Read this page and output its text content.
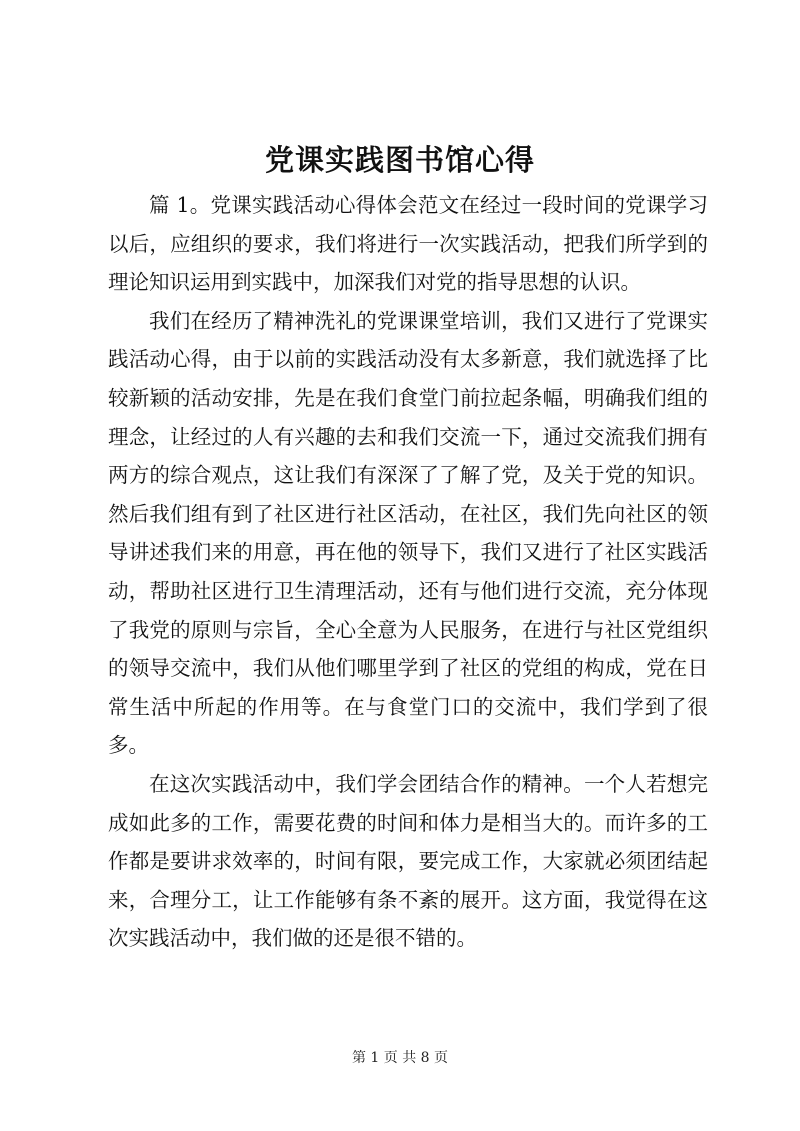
党课实践图书馆心得

篇 1。党课实践活动心得体会范文在经过一段时间的党课学习以后，应组织的要求，我们将进行一次实践活动，把我们所学到的理论知识运用到实践中，加深我们对党的指导思想的认识。

我们在经历了精神洗礼的党课课堂培训，我们又进行了党课实践活动心得，由于以前的实践活动没有太多新意，我们就选择了比较新颖的活动安排，先是在我们食堂门前拉起条幅，明确我们组的理念，让经过的人有兴趣的去和我们交流一下，通过交流我们拥有两方的综合观点，这让我们有深深了了解了党，及关于党的知识。然后我们组有到了社区进行社区活动，在社区，我们先向社区的领导讲述我们来的用意，再在他的领导下，我们又进行了社区实践活动，帮助社区进行卫生清理活动，还有与他们进行交流，充分体现了我党的原则与宗旨，全心全意为人民服务，在进行与社区党组织的领导交流中，我们从他们哪里学到了社区的党组的构成，党在日常生活中所起的作用等。在与食堂门口的交流中，我们学到了很多。

在这次实践活动中，我们学会团结合作的精神。一个人若想完成如此多的工作，需要花费的时间和体力是相当大的。而许多的工作都是要讲求效率的，时间有限，要完成工作，大家就必须团结起来，合理分工，让工作能够有条不紊的展开。这方面，我觉得在这次实践活动中，我们做的还是很不错的。

第 1 页 共 8 页
